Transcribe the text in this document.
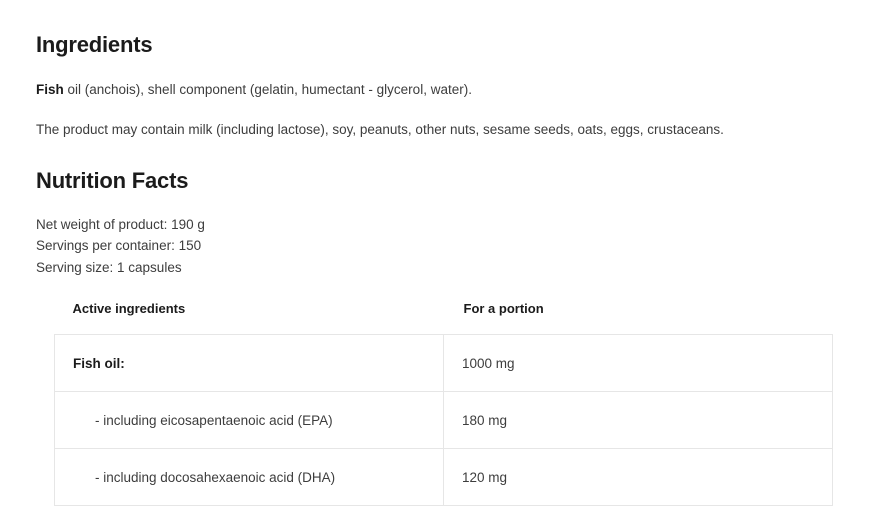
Ingredients

Fish oil (anchois), shell component (gelatin, humectant - glycerol, water).

The product may contain milk (including lactose), soy, peanuts, other nuts, sesame seeds, oats, eggs, crustaceans.

Nutrition Facts
Net weight of product: 190 g
Servings per container: 150
Serving size: 1 capsules
Active ingredients	For a portion
Fish oil:	1000 mg
- including eicosapentaenoic acid (EPA)	180 mg
- including docosahexaenoic acid (DHA)	120 mg
